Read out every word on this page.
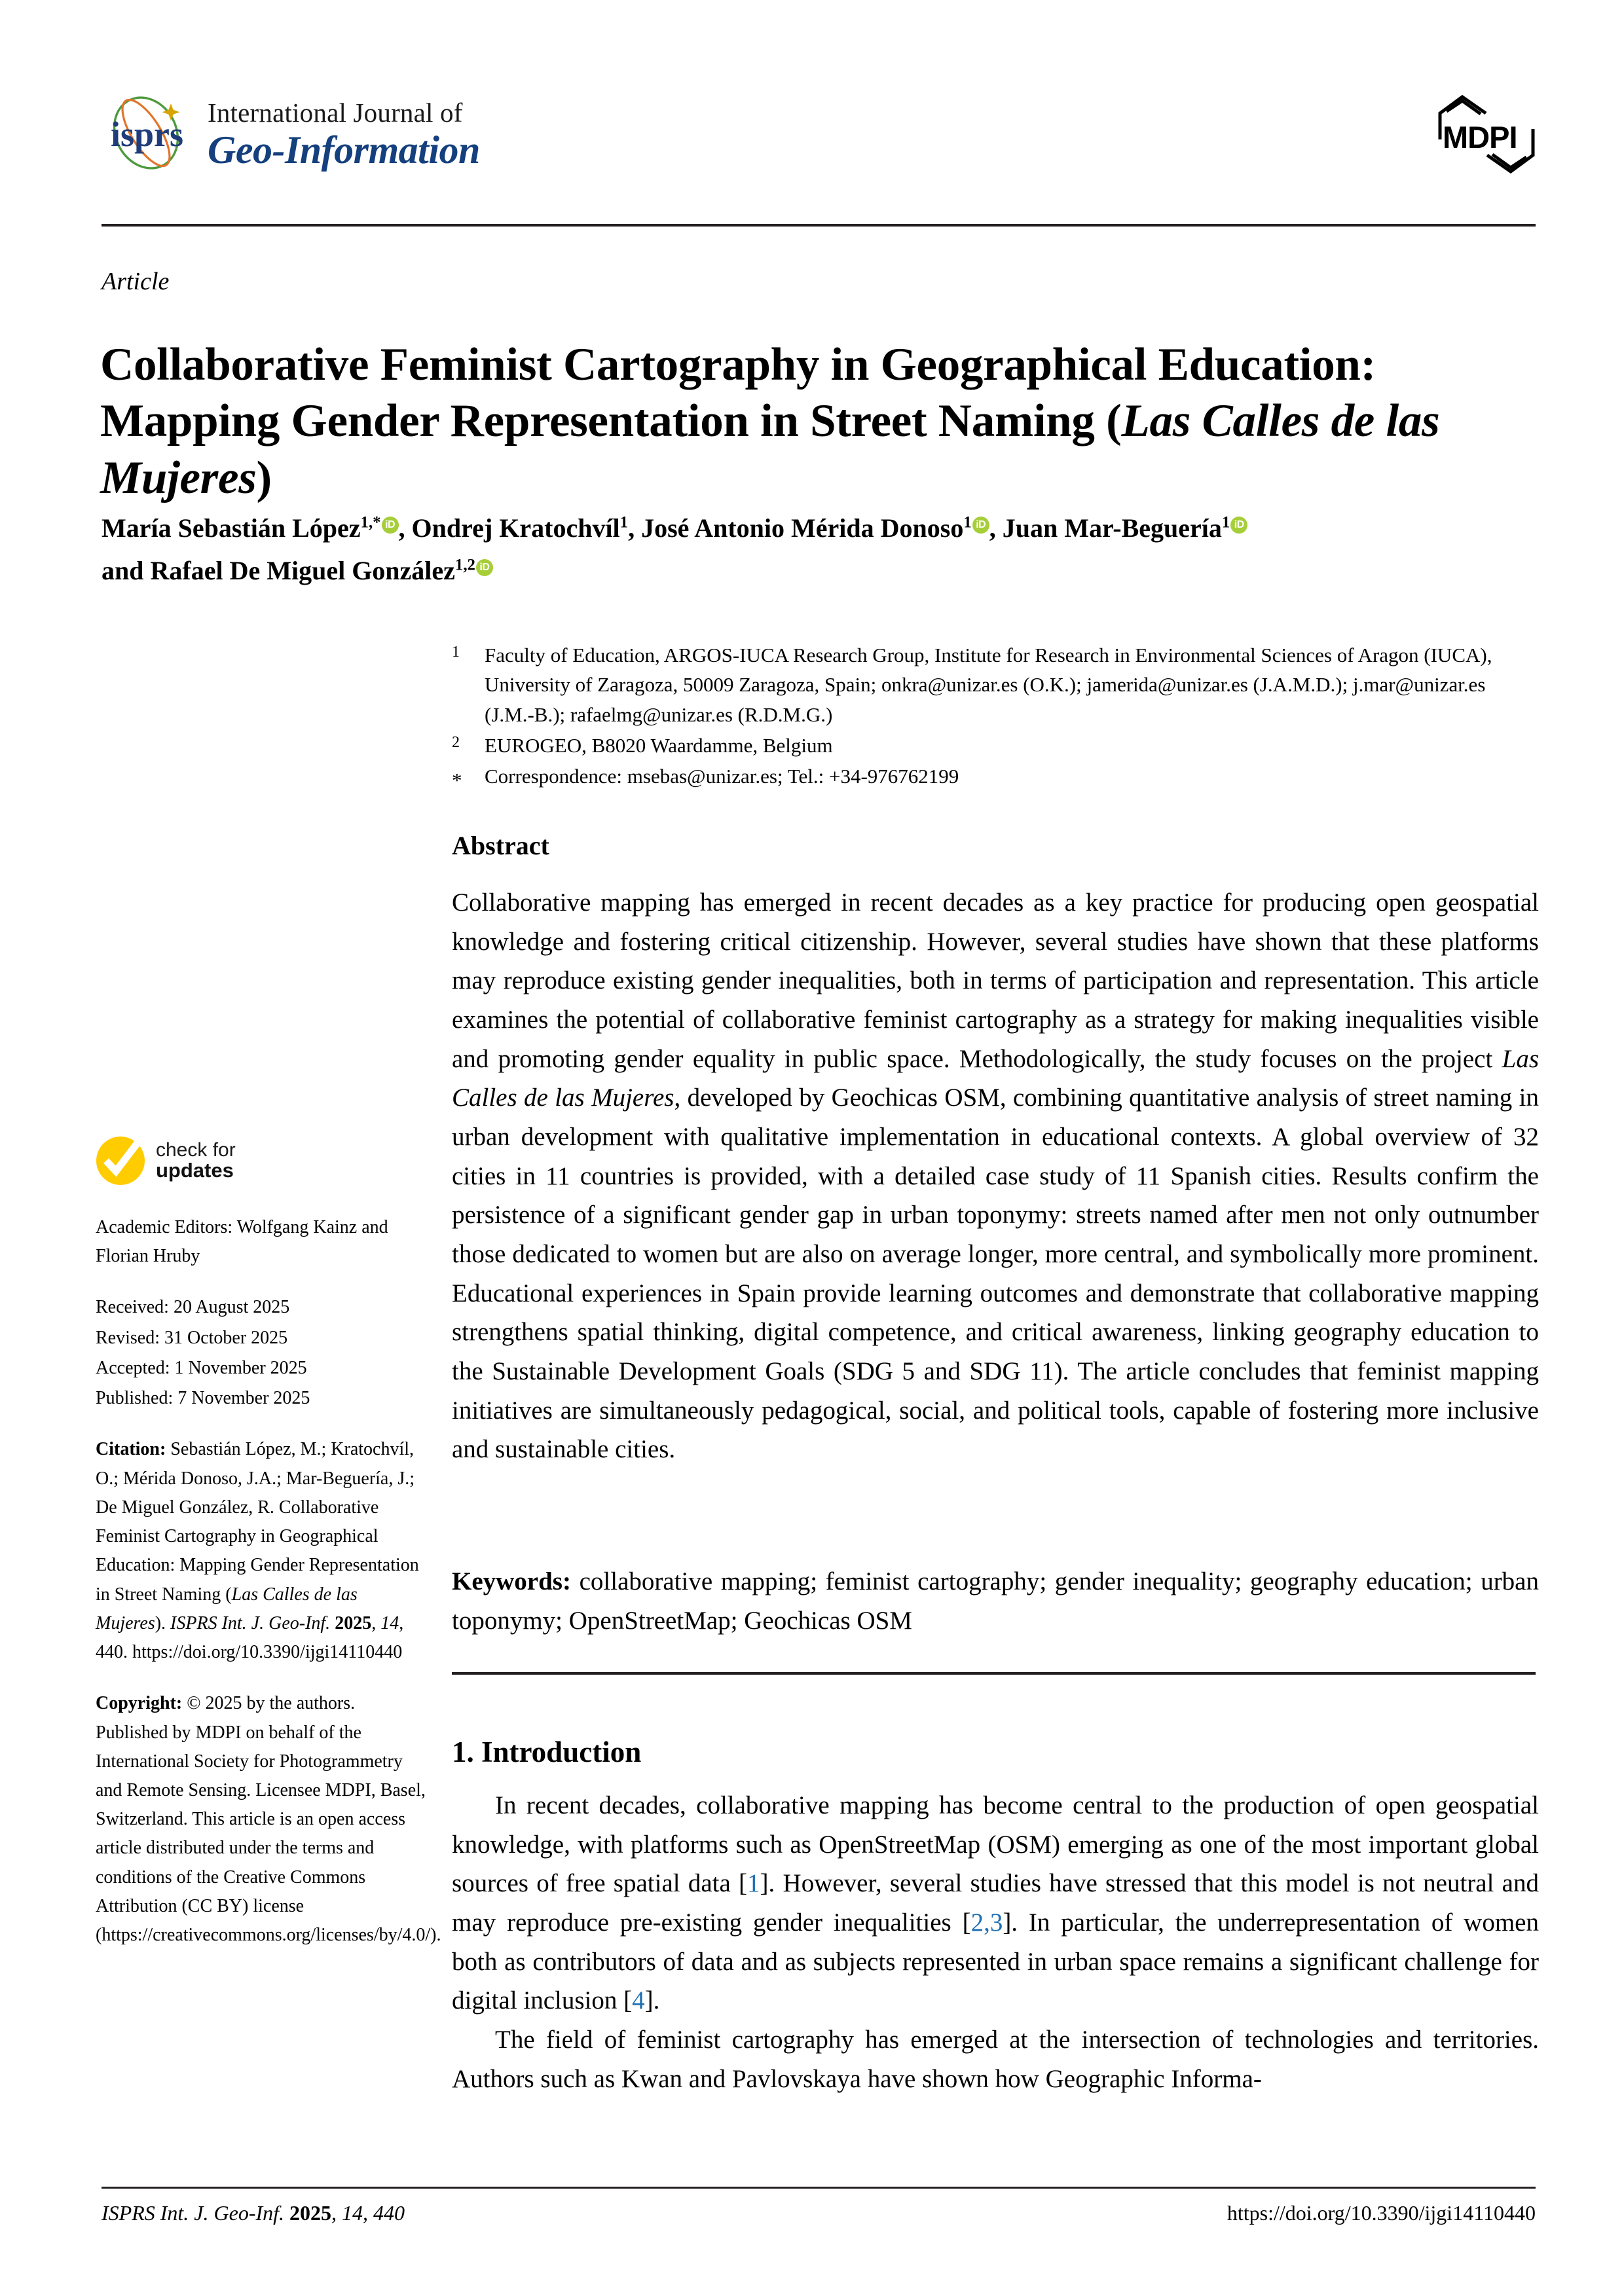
isprs
International Journal of
Geo-Information	MDPI
Article
Collaborative Feminist Cartography in Geographical Education: Mapping Gender Representation in Street Naming (Las Calles de las Mujeres)
María Sebastián López$^{1,*}$ iD , Ondrej Kratochvíl$^1$, José Antonio Mérida Donoso$^1$ iD , Juan Mar-Beguería$^1$ iD
and Rafael De Miguel González$^{1,2}$ iD
1	Faculty of Education, ARGOS-IUCA Research Group, Institute for Research in Environmental Sciences of Aragon (IUCA), University of Zaragoza, 50009 Zaragoza, Spain; onkra@unizar.es (O.K.); jamerida@unizar.es (J.A.M.D.); j.mar@unizar.es (J.M.-B.); rafaelmg@unizar.es (R.D.M.G.)
2	EUROGEO, B8020 Waardamme, Belgium
*	Correspondence: msebas@unizar.es; Tel.: +34-976762199
Abstract
Collaborative mapping has emerged in recent decades as a key practice for producing open geospatial knowledge and fostering critical citizenship. However, several studies have shown that these platforms may reproduce existing gender inequalities, both in terms of participation and representation. This article examines the potential of collaborative feminist cartography as a strategy for making inequalities visible and promoting gender equality in public space. Methodologically, the study focuses on the project Las Calles de las Mujeres, developed by Geochicas OSM, combining quantitative analysis of street naming in urban development with qualitative implementation in educational contexts. A global overview of 32 cities in 11 countries is provided, with a detailed case study of 11 Spanish cities. Results confirm the persistence of a significant gender gap in urban toponymy: streets named after men not only outnumber those dedicated to women but are also on average longer, more central, and symbolically more prominent. Educational experiences in Spain provide learning outcomes and demonstrate that collaborative mapping strengthens spatial thinking, digital competence, and critical awareness, linking geography education to the Sustainable Development Goals (SDG 5 and SDG 11). The article concludes that feminist mapping initiatives are simultaneously pedagogical, social, and political tools, capable of fostering more inclusive and sustainable cities.
Keywords: collaborative mapping; feminist cartography; gender inequality; geography education; urban toponymy; OpenStreetMap; Geochicas OSM
1. Introduction

In recent decades, collaborative mapping has become central to the production of open geospatial knowledge, with platforms such as OpenStreetMap (OSM) emerging as one of the most important global sources of free spatial data [1]. However, several studies have stressed that this model is not neutral and may reproduce pre-existing gender inequalities [2,3]. In particular, the underrepresentation of women both as contributors of data and as subjects represented in urban space remains a significant challenge for digital inclusion [4].

The field of feminist cartography has emerged at the intersection of technologies and territories. Authors such as Kwan and Pavlovskaya have shown how Geographic Informa-

check for
updates
Academic Editors: Wolfgang Kainz and Florian Hruby
Received: 20 August 2025
Revised: 31 October 2025
Accepted: 1 November 2025
Published: 7 November 2025
Citation: Sebastián López, M.; Kratochvíl, O.; Mérida Donoso, J.A.; Mar-Beguería, J.; De Miguel González, R. Collaborative Feminist Cartography in Geographical Education: Mapping Gender Representation in Street Naming (Las Calles de las Mujeres). ISPRS Int. J. Geo-Inf. 2025, 14, 440. https://doi.org/10.3390/ijgi14110440
Copyright: © 2025 by the authors. Published by MDPI on behalf of the International Society for Photogrammetry and Remote Sensing. Licensee MDPI, Basel, Switzerland. This article is an open access article distributed under the terms and conditions of the Creative Commons Attribution (CC BY) license (https://creativecommons.org/licenses/by/4.0/).
ISPRS Int. J. Geo-Inf. 2025, 14, 440	https://doi.org/10.3390/ijgi14110440
